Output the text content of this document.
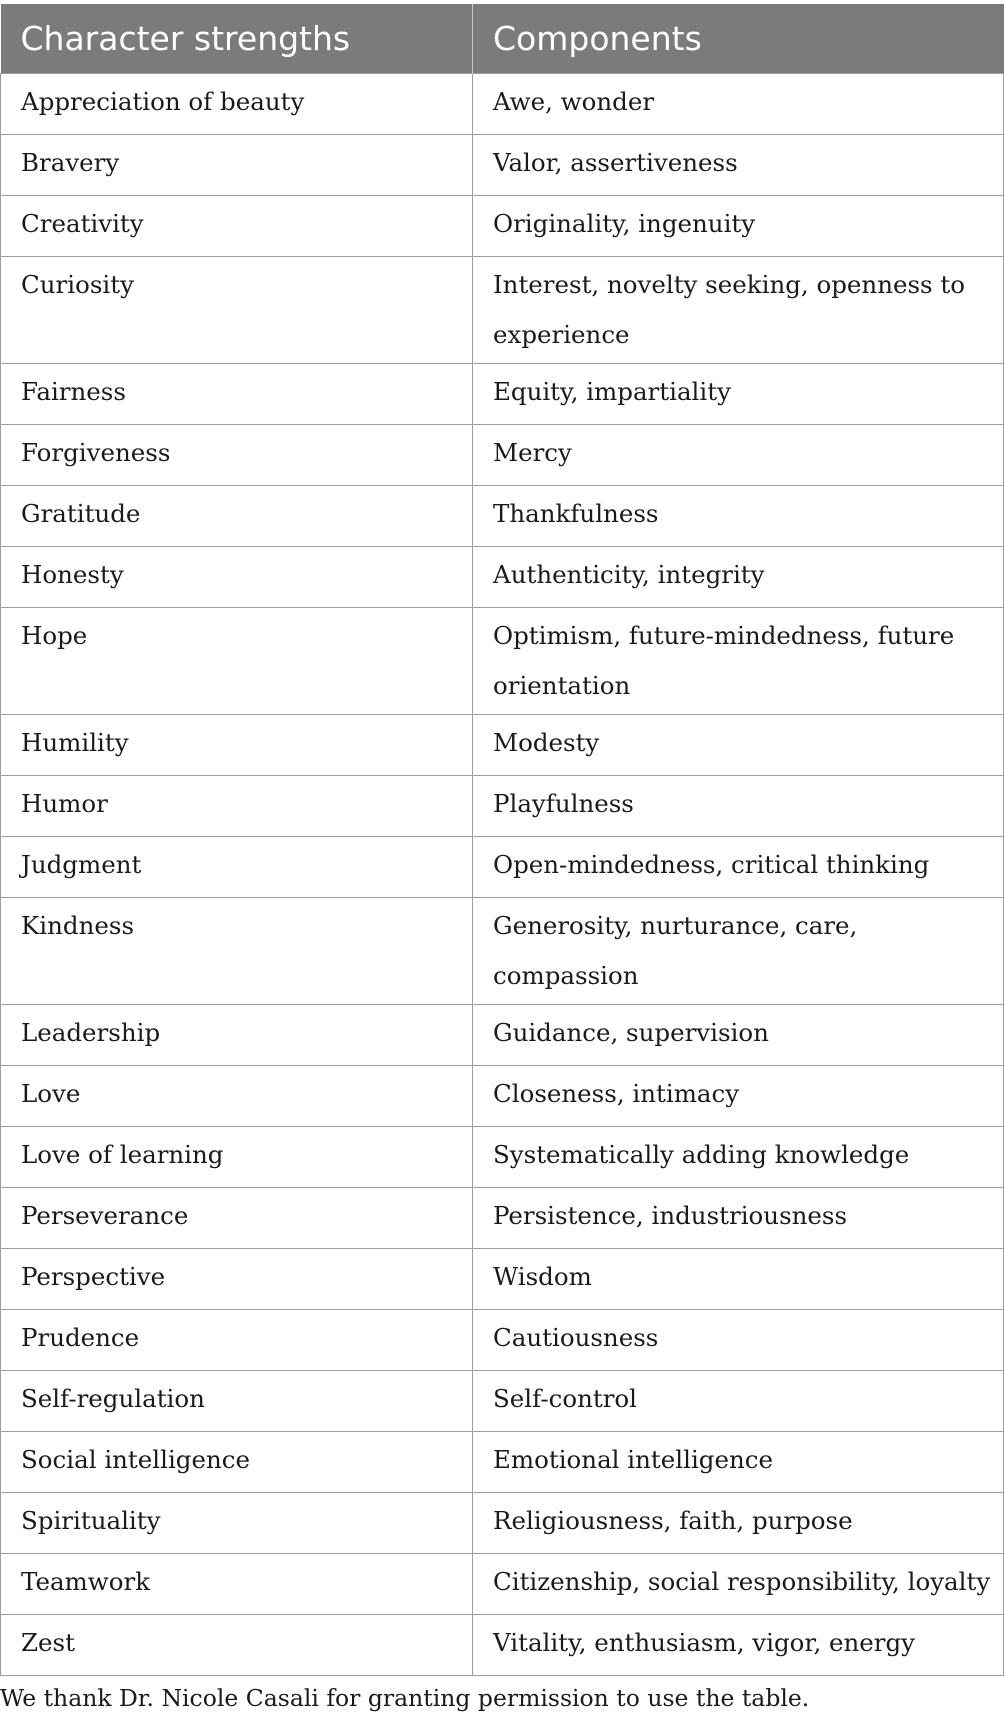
Character strengths	Components
Appreciation of beauty	Awe, wonder
Bravery	Valor, assertiveness
Creativity	Originality, ingenuity
Curiosity	Interest, novelty seeking, openness to experience
Fairness	Equity, impartiality
Forgiveness	Mercy
Gratitude	Thankfulness
Honesty	Authenticity, integrity
Hope	Optimism, future-mindedness, future orientation
Humility	Modesty
Humor	Playfulness
Judgment	Open-mindedness, critical thinking
Kindness	Generosity, nurturance, care, compassion
Leadership	Guidance, supervision
Love	Closeness, intimacy
Love of learning	Systematically adding knowledge
Perseverance	Persistence, industriousness
Perspective	Wisdom
Prudence	Cautiousness
Self-regulation	Self-control
Social intelligence	Emotional intelligence
Spirituality	Religiousness, faith, purpose
Teamwork	Citizenship, social responsibility, loyalty
Zest	Vitality, enthusiasm, vigor, energy

We thank Dr. Nicole Casali for granting permission to use the table.
